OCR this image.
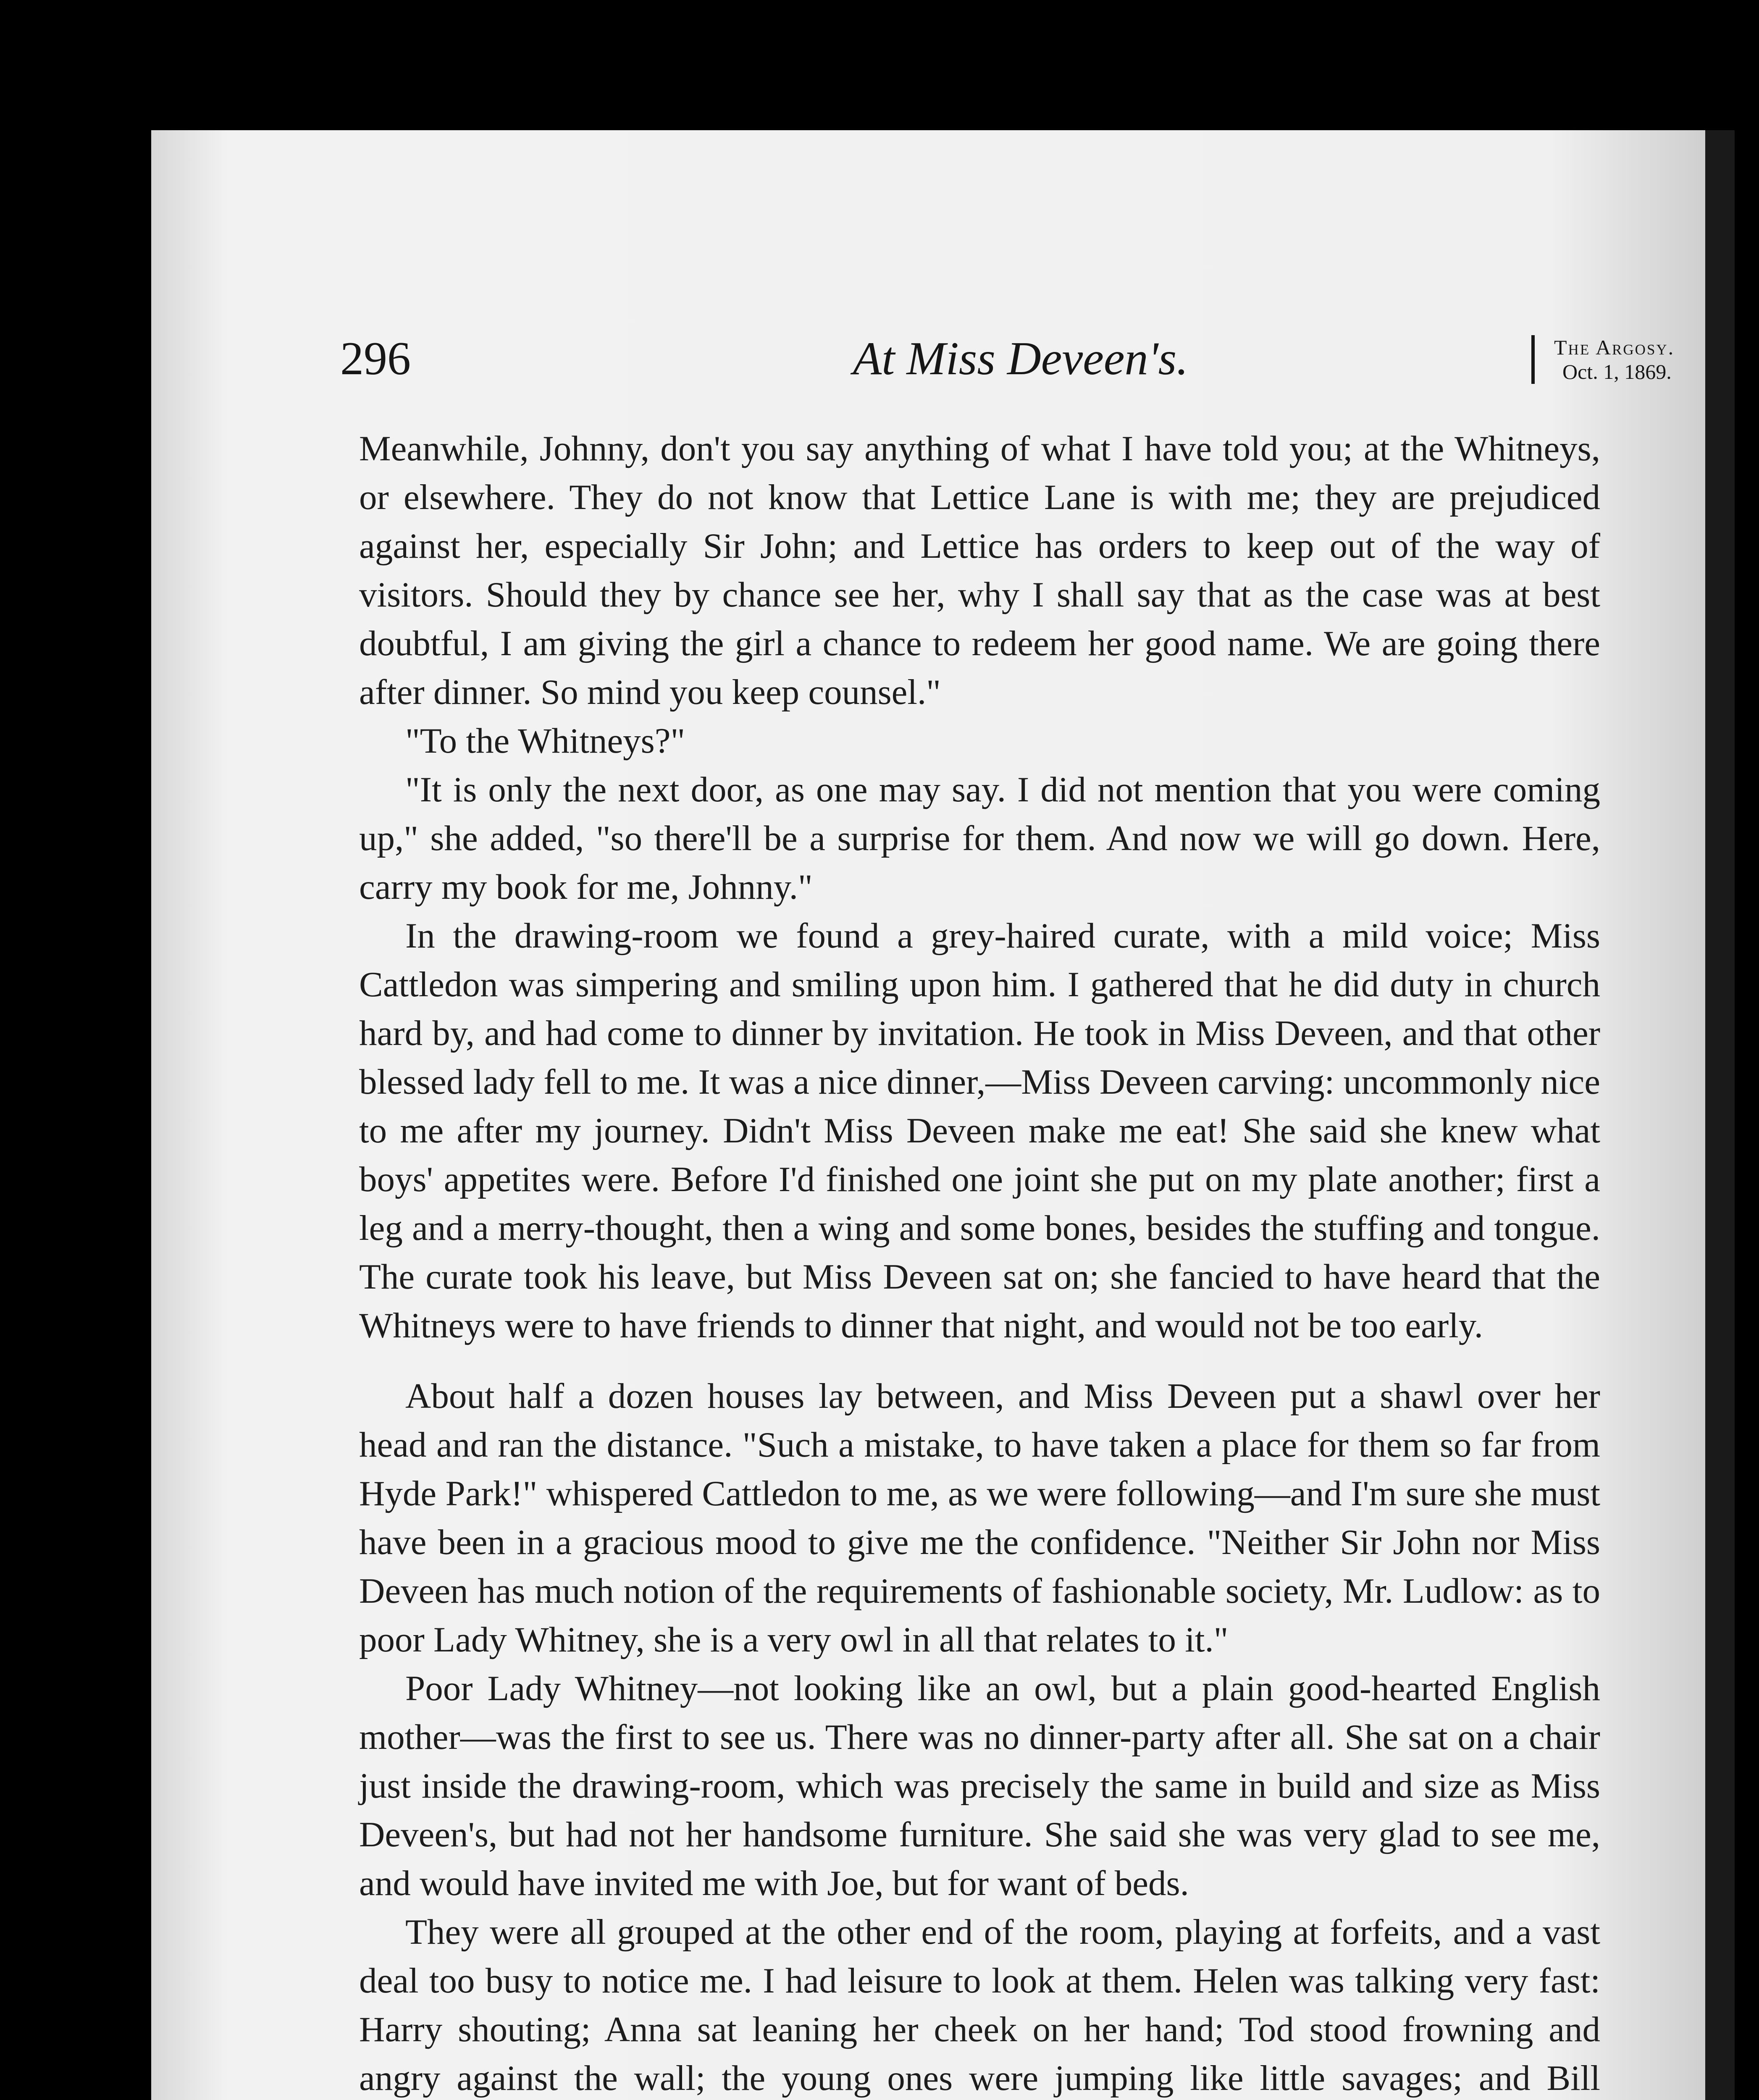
296	At Miss Deveen's.	The Argosy.
Oct. 1, 1869.

Meanwhile, Johnny, don't you say anything of what I have told you; at the Whitneys, or elsewhere. They do not know that Lettice Lane is with me; they are prejudiced against her, especially Sir John; and Lettice has orders to keep out of the way of visitors. Should they by chance see her, why I shall say that as the case was at best doubtful, I am giving the girl a chance to redeem her good name. We are going there after dinner. So mind you keep counsel."

"To the Whitneys?"

"It is only the next door, as one may say. I did not mention that you were coming up," she added, "so there'll be a surprise for them. And now we will go down. Here, carry my book for me, Johnny."

In the drawing-room we found a grey-haired curate, with a mild voice; Miss Cattledon was simpering and smiling upon him. I gathered that he did duty in church hard by, and had come to dinner by invitation. He took in Miss Deveen, and that other blessed lady fell to me. It was a nice dinner,—Miss Deveen carving: uncommonly nice to me after my journey. Didn't Miss Deveen make me eat! She said she knew what boys' appetites were. Before I'd finished one joint she put on my plate another; first a leg and a merry-thought, then a wing and some bones, besides the stuffing and tongue. The curate took his leave, but Miss Deveen sat on; she fancied to have heard that the Whitneys were to have friends to dinner that night, and would not be too early.

About half a dozen houses lay between, and Miss Deveen put a shawl over her head and ran the distance. "Such a mistake, to have taken a place for them so far from Hyde Park!" whispered Cattledon to me, as we were following—and I'm sure she must have been in a gracious mood to give me the confidence. "Neither Sir John nor Miss Deveen has much notion of the requirements of fashionable society, Mr. Ludlow: as to poor Lady Whitney, she is a very owl in all that relates to it."

Poor Lady Whitney—not looking like an owl, but a plain good-hearted English mother—was the first to see us. There was no dinner-party after all. She sat on a chair just inside the drawing-room, which was precisely the same in build and size as Miss Deveen's, but had not her handsome furniture. She said she was very glad to see me, and would have invited me with Joe, but for want of beds.

They were all grouped at the other end of the room, playing at forfeits, and a vast deal too busy to notice me. I had leisure to look at them. Helen was talking very fast: Harry shouting; Anna sat leaning her cheek on her hand; Tod stood frowning and angry against the wall; the young ones were jumping like little savages; and Bill
